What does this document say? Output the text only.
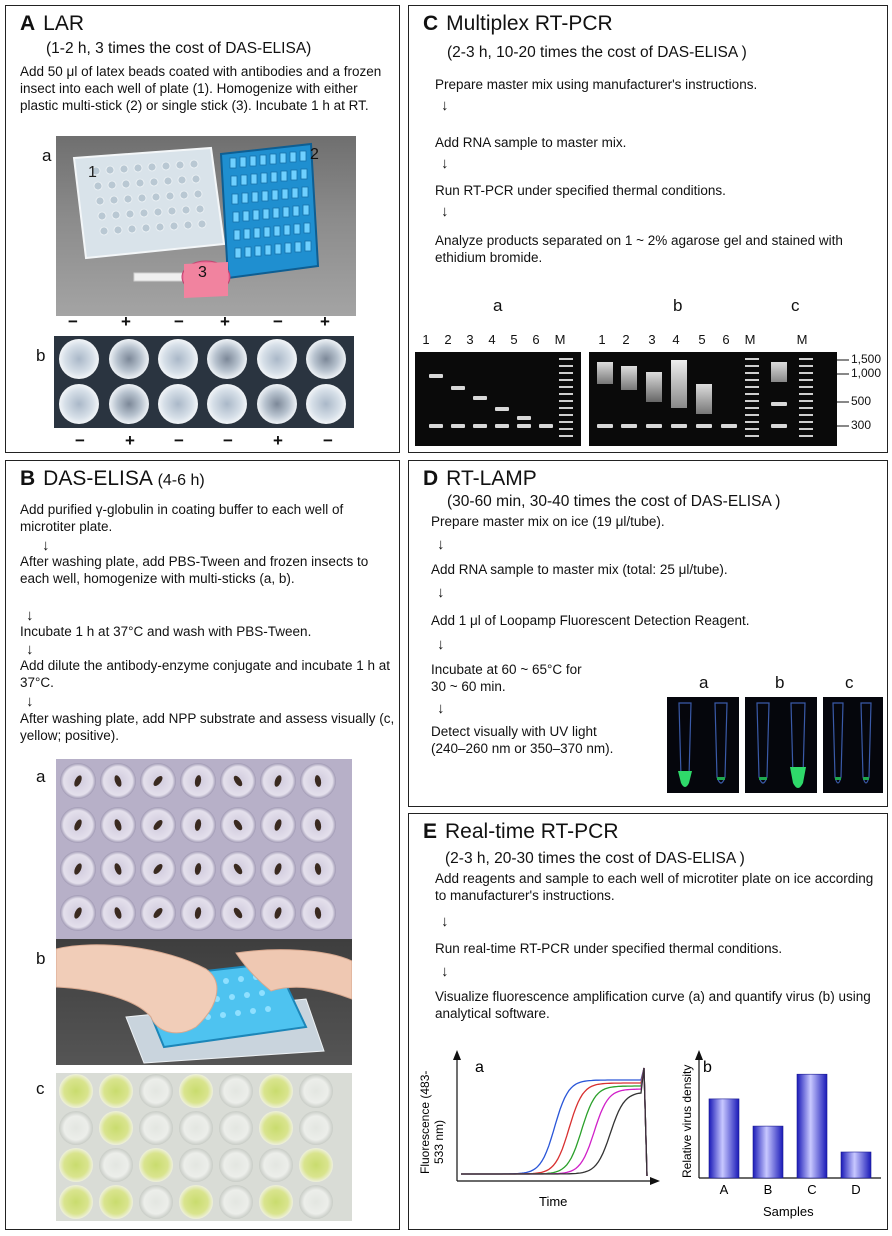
A LAR
(1-2 h, 3 times the cost of DAS-ELISA)
Add 50 μl of latex beads coated with antibodies and a frozen insect into each well of plate (1). Homogenize with either plastic multi-stick (2) or single stick (3). Incubate 1 h at RT.
a
1
2
3
−	+	− +	− +
b
− + − − + −
B DAS-ELISA (4-6 h)
Add purified γ-globulin in coating buffer to each well of microtiter plate.
↓
After washing plate, add PBS-Tween and frozen insects to each well, homogenize with multi-sticks (a, b).
↓
Incubate 1 h at 37°C and wash with PBS-Tween.
↓
Add dilute the antibody-enzyme conjugate and incubate 1 h at 37°C.
↓
After washing plate, add NPP substrate and assess visually (c, yellow; positive).
a
b
c
C Multiplex RT-PCR
(2-3 h, 10-20 times the cost of DAS-ELISA )
Prepare master mix using manufacturer's instructions.
↓
Add RNA sample to master mix.
↓
Run RT-PCR under specified thermal conditions.
↓
Analyze products separated on 1 ~ 2% agarose gel and stained with ethidium bromide.
a	b	c
1 2 3 4 5 6 M	1 2 3 4 5 6 M	M
1,500
1,000
500
300
D RT-LAMP
(30-60 min, 30-40 times the cost of DAS-ELISA )
Prepare master mix on ice (19 μl/tube).
↓
Add RNA sample to master mix (total: 25 μl/tube).
↓
Add 1 μl of Loopamp Fluorescent Detection Reagent.
↓
Incubate at 60 ~ 65°C for 30 ~ 60 min.
↓
Detect visually with UV light (240–260 nm or 350–370 nm).
a	b	c
E Real-time RT-PCR
(2-3 h, 20-30 times the cost of DAS-ELISA )
Add reagents and sample to each well of microtiter plate on ice according to manufacturer's instructions.
↓
Run real-time RT-PCR under specified thermal conditions.
↓
Visualize fluorescence amplification curve (a) and quantify virus (b) using analytical software.
a
Fluorescence (483- 533 nm)
Time
b
Relative virus density
Samples
A	B	C	D
